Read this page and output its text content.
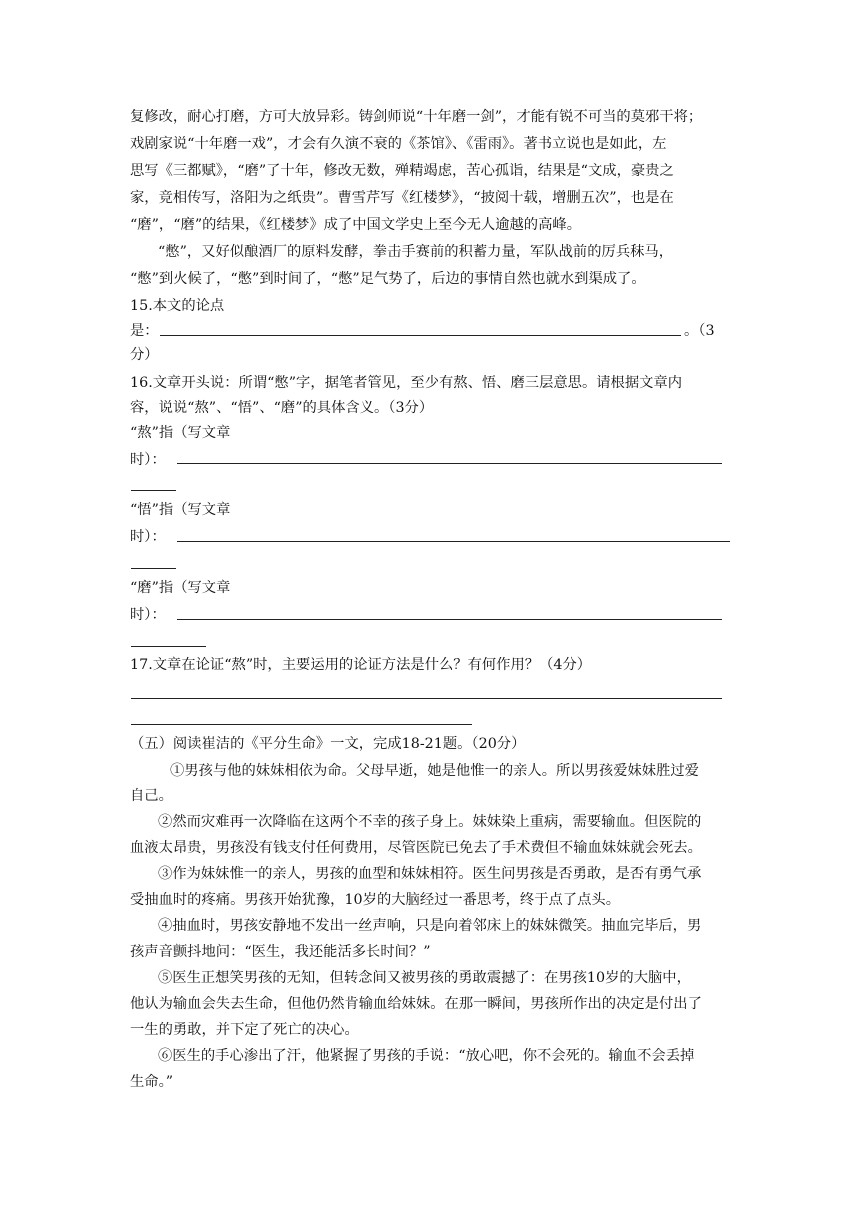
复修改，耐心打磨，方可大放异彩。铸剑师说“十年磨一剑”，才能有锐不可当的莫邪干将；
戏剧家说“十年磨一戏”，才会有久演不衰的《茶馆》、《雷雨》。著书立说也是如此，左
思写《三都赋》，“磨”了十年，修改无数，殚精竭虑，苦心孤诣，结果是“文成，豪贵之
家，竞相传写，洛阳为之纸贵”。曹雪芹写《红楼梦》，“披阅十载，增删五次”，也是在
“磨”，“磨”的结果，《红楼梦》成了中国文学史上至今无人逾越的高峰。
“憋”，又好似酿酒厂的原料发酵，拳击手赛前的积蓄力量，军队战前的厉兵秣马，
“憋”到火候了，“憋”到时间了，“憋”足气势了，后边的事情自然也就水到渠成了。
15.本文的论点
是：	。（3
分）
16.文章开头说：所谓“憋”字，据笔者管见，至少有熬、悟、磨三层意思。请根据文章内
容，说说“熬”、“悟”、“磨”的具体含义。（3分）
“熬”指（写文章
时）：
“悟”指（写文章
时）：
“磨”指（写文章
时）：
17.文章在论证“熬”时，主要运用的论证方法是什么？有何作用？（4分）
（五）阅读崔洁的《平分生命》一文，完成18-21题。（20分）
①男孩与他的妹妹相依为命。父母早逝，她是他惟一的亲人。所以男孩爱妹妹胜过爱
自己。
②然而灾难再一次降临在这两个不幸的孩子身上。妹妹染上重病，需要输血。但医院的
血液太昂贵，男孩没有钱支付任何费用，尽管医院已免去了手术费但不输血妹妹就会死去。
③作为妹妹惟一的亲人，男孩的血型和妹妹相符。医生问男孩是否勇敢，是否有勇气承
受抽血时的疼痛。男孩开始犹豫，10岁的大脑经过一番思考，终于点了点头。
④抽血时，男孩安静地不发出一丝声响，只是向着邻床上的妹妹微笑。抽血完毕后，男
孩声音颤抖地问：“医生，我还能活多长时间？”
⑤医生正想笑男孩的无知，但转念间又被男孩的勇敢震撼了：在男孩10岁的大脑中，
他认为输血会失去生命，但他仍然肯输血给妹妹。在那一瞬间，男孩所作出的决定是付出了
一生的勇敢，并下定了死亡的决心。
⑥医生的手心渗出了汗，他紧握了男孩的手说：“放心吧，你不会死的。输血不会丢掉
生命。”
